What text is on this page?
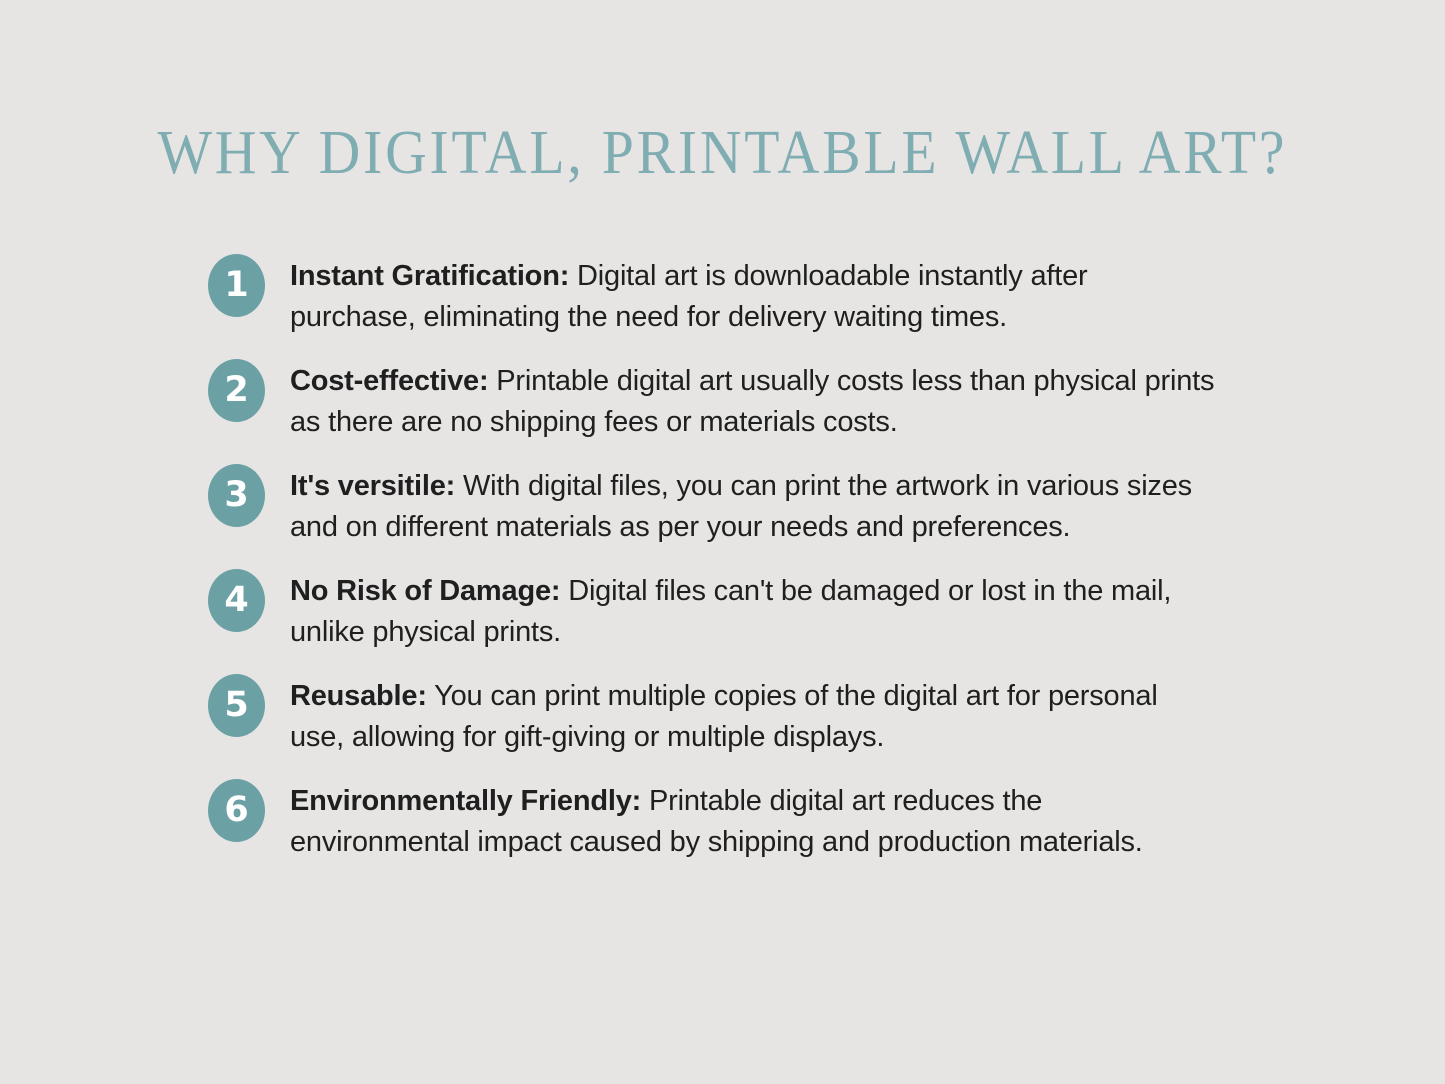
WHY DIGITAL, PRINTABLE WALL ART?
1	Instant Gratification: Digital art is downloadable instantly after purchase, eliminating the need for delivery waiting times.
2	Cost-effective: Printable digital art usually costs less than physical prints as there are no shipping fees or materials costs.
3	It's versitile: With digital files, you can print the artwork in various sizes and on different materials as per your needs and preferences.
4	No Risk of Damage: Digital files can't be damaged or lost in the mail, unlike physical prints.
5	Reusable: You can print multiple copies of the digital art for personal use, allowing for gift-giving or multiple displays.
6	Environmentally Friendly: Printable digital art reduces the environmental impact caused by shipping and production materials.
